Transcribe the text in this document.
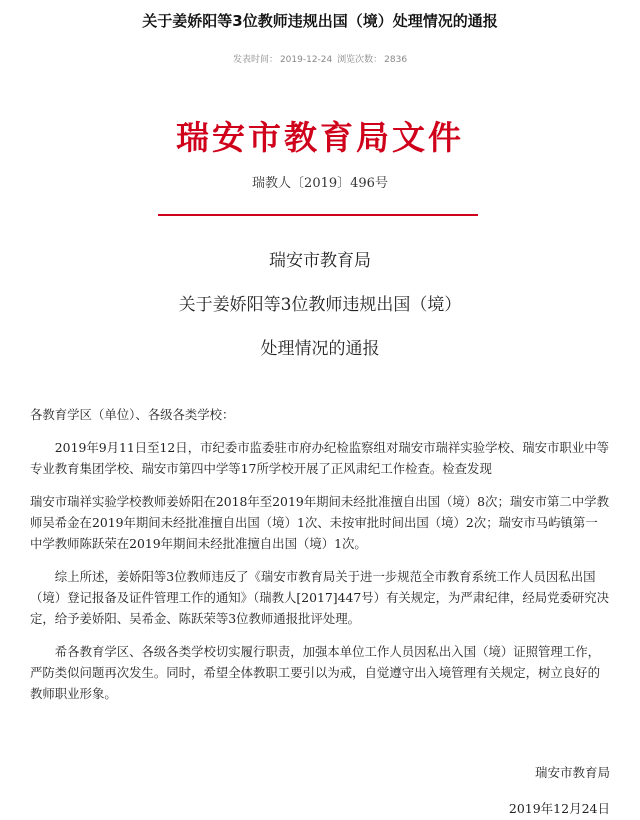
关于姜娇阳等3位教师违规出国（境）处理情况的通报
发表时间： 2019-12-24 浏览次数： 2836
瑞安市教育局文件
瑞教人〔2019〕496号
瑞安市教育局
关于姜娇阳等3位教师违规出国（境）
处理情况的通报

各教育学区（单位）、各级各类学校：

2019年9月11日至12日，市纪委市监委驻市府办纪检监察组对瑞安市瑞祥实验学校、瑞安市职业中等专业教育集团学校、瑞安市第四中学等17所学校开展了正风肃纪工作检查。检查发现

瑞安市瑞祥实验学校教师姜娇阳在2018年至2019年期间未经批准擅自出国（境）8次；瑞安市第二中学教师吴希金在2019年期间未经批准擅自出国（境）1次、未按审批时间出国（境）2次；瑞安市马屿镇第一中学教师陈跃荣在2019年期间未经批准擅自出国（境）1次。

综上所述，姜娇阳等3位教师违反了《瑞安市教育局关于进一步规范全市教育系统工作人员因私出国（境）登记报备及证件管理工作的通知》（瑞教人[2017]447号）有关规定，为严肃纪律，经局党委研究决定，给予姜娇阳、吴希金、陈跃荣等3位教师通报批评处理。

希各教育学区、各级各类学校切实履行职责，加强本单位工作人员因私出入国（境）证照管理工作，严防类似问题再次发生。同时，希望全体教职工要引以为戒，自觉遵守出入境管理有关规定，树立良好的教师职业形象。

瑞安市教育局
2019年12月24日
